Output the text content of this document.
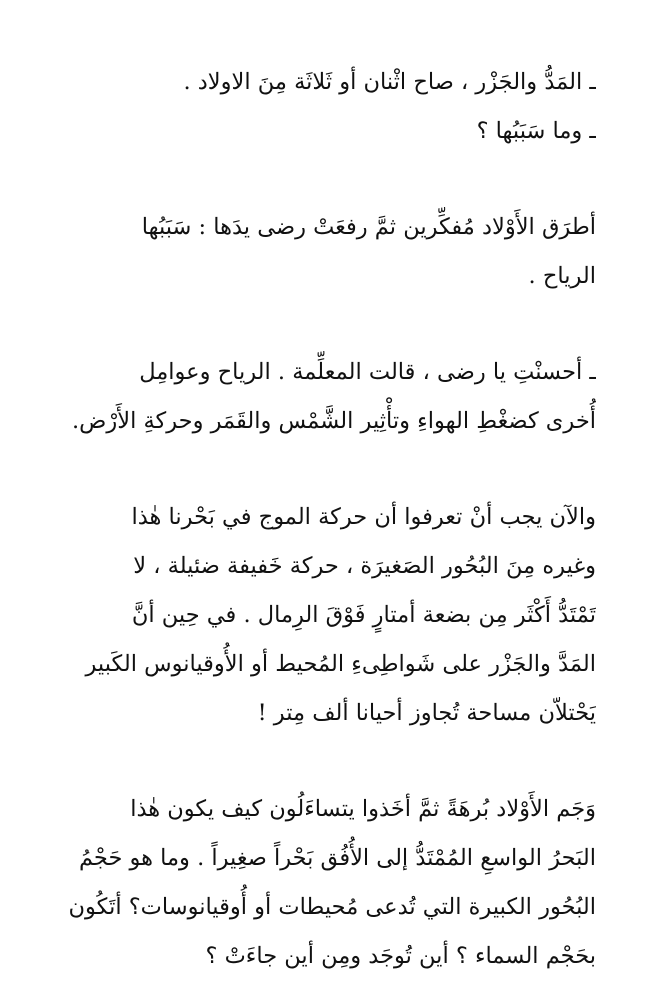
ـ المَدُّ والجَزْر ، صاح اثْنان أو ثَلاثَة مِنَ الاولاد .
ـ وما سَبَبُها ؟

أطرَق الأَوْلاد مُفكِّرين ثمَّ رفعَتْ رضى يدَها : سَبَبُها
الرياح .

ـ أحسنْتِ يا رضى ، قالت المعلِّمة . الرياح وعوامِل
أُخرى كضغْطِ الهواءِ وتأْثِير الشَّمْس والقَمَر وحركةِ الأَرْض.

والآن يجب أنْ تعرفوا أن حركة الموج في بَحْرنا هٰذا
وغيره مِنَ البُحُور الصَغيرَة ، حركة خَفيفة ضئيلة ، لا
تَمْتَدُّ أَكْثَر مِن بضعة أمتارٍ فَوْقَ الرِمال . في حِين أنَّ
المَدَّ والجَزْر على شَواطِىءِ المُحيط أو الأُوقيانوس الكَبير
يَحْتلاّن مساحة تُجاوز أحيانا ألف مِتر !

وَجَم الأَوْلاد بُرهَةً ثمَّ أخَذوا يتساءَلُون كيف يكون هٰذا
البَحرُ الواسعِ المُمْتَدُّ إلى الأُفُق بَحْراً صغِيراً . وما هو حَجْمُ
البُحُور الكبيرة التي تُدعى مُحيطات أو أُوقيانوسات؟ أتَكُون
بحَجْم السماء ؟ أين تُوجَد ومِن أين جاءَتْ ؟
